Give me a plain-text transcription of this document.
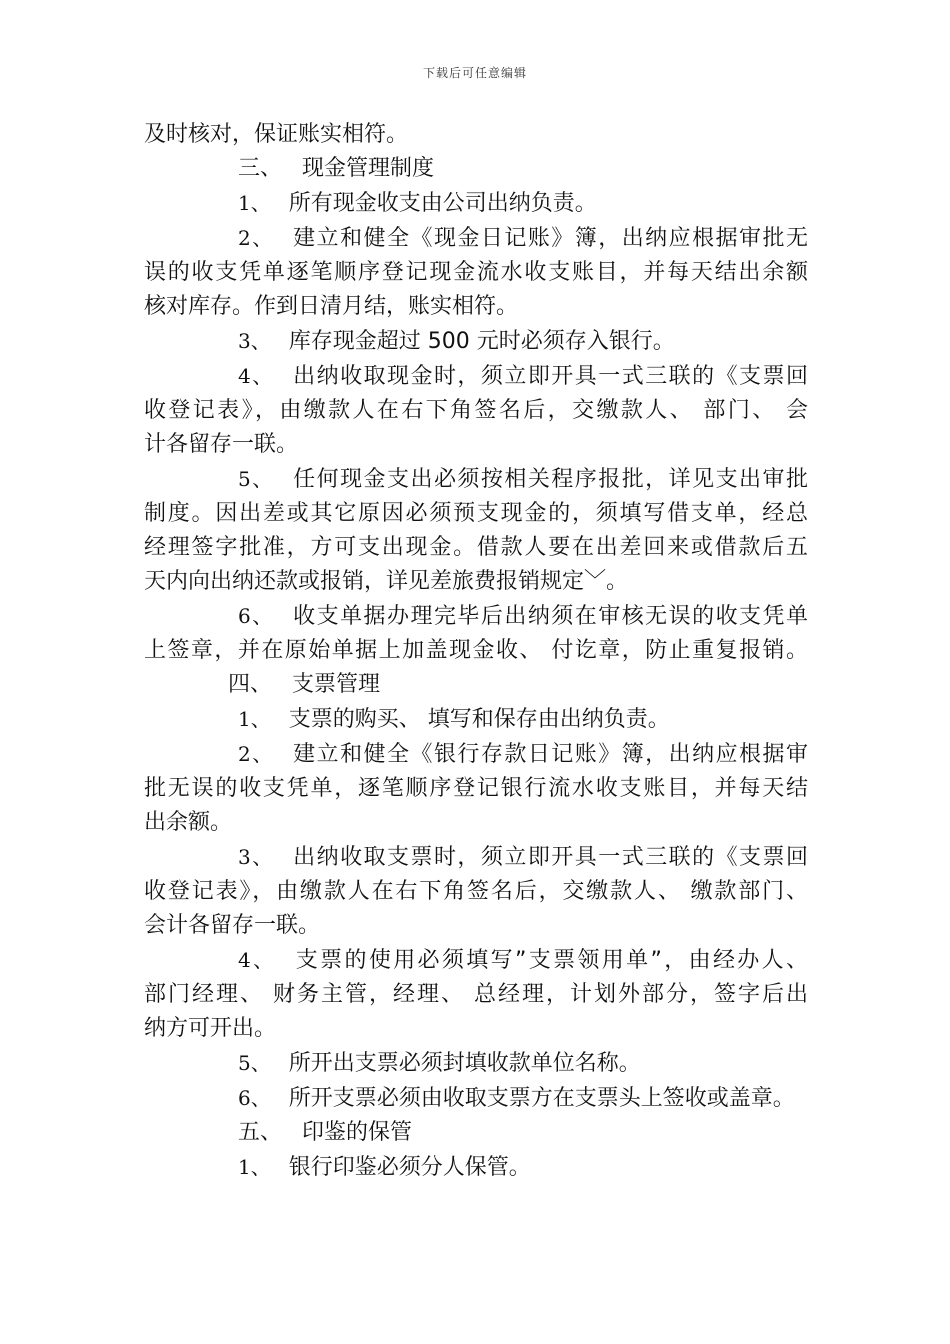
下载后可任意编辑
及时核对，保证账实相符。
三、 现金管理制度
1、 所有现金收支由公司出纳负责。
2、 建立和健全《现金日记账》簿，出纳应根据审批无
误的收支凭单逐笔顺序登记现金流水收支账目，并每天结出余额
核对库存。作到日清月结，账实相符。
3、 库存现金超过 500 元时必须存入银行。
4、 出纳收取现金时，须立即开具一式三联的《支票回
收登记表》，由缴款人在右下角签名后，交缴款人、 部门、 会
计各留存一联。
5、 任何现金支出必须按相关程序报批，详见支出审批
制度。因出差或其它原因必须预支现金的，须填写借支单，经总
经理签字批准，方可支出现金。借款人要在出差回来或借款后五
天内向出纳还款或报销，详见差旅费报销规定﹀。
6、 收支单据办理完毕后出纳须在审核无误的收支凭单
上签章，并在原始单据上加盖现金收、 付讫章，防止重复报销。
四、 支票管理
1、 支票的购买、 填写和保存由出纳负责。
2、 建立和健全《银行存款日记账》簿，出纳应根据审
批无误的收支凭单，逐笔顺序登记银行流水收支账目，并每天结
出余额。
3、 出纳收取支票时，须立即开具一式三联的《支票回
收登记表》，由缴款人在右下角签名后，交缴款人、 缴款部门、
会计各留存一联。
4、 支票的使用必须填写”支票领用单”，由经办人、
部门经理、 财务主管，经理、 总经理，计划外部分，签字后出
纳方可开出。
5、 所开出支票必须封填收款单位名称。
6、 所开支票必须由收取支票方在支票头上签收或盖章。
五、 印鉴的保管
1、 银行印鉴必须分人保管。
